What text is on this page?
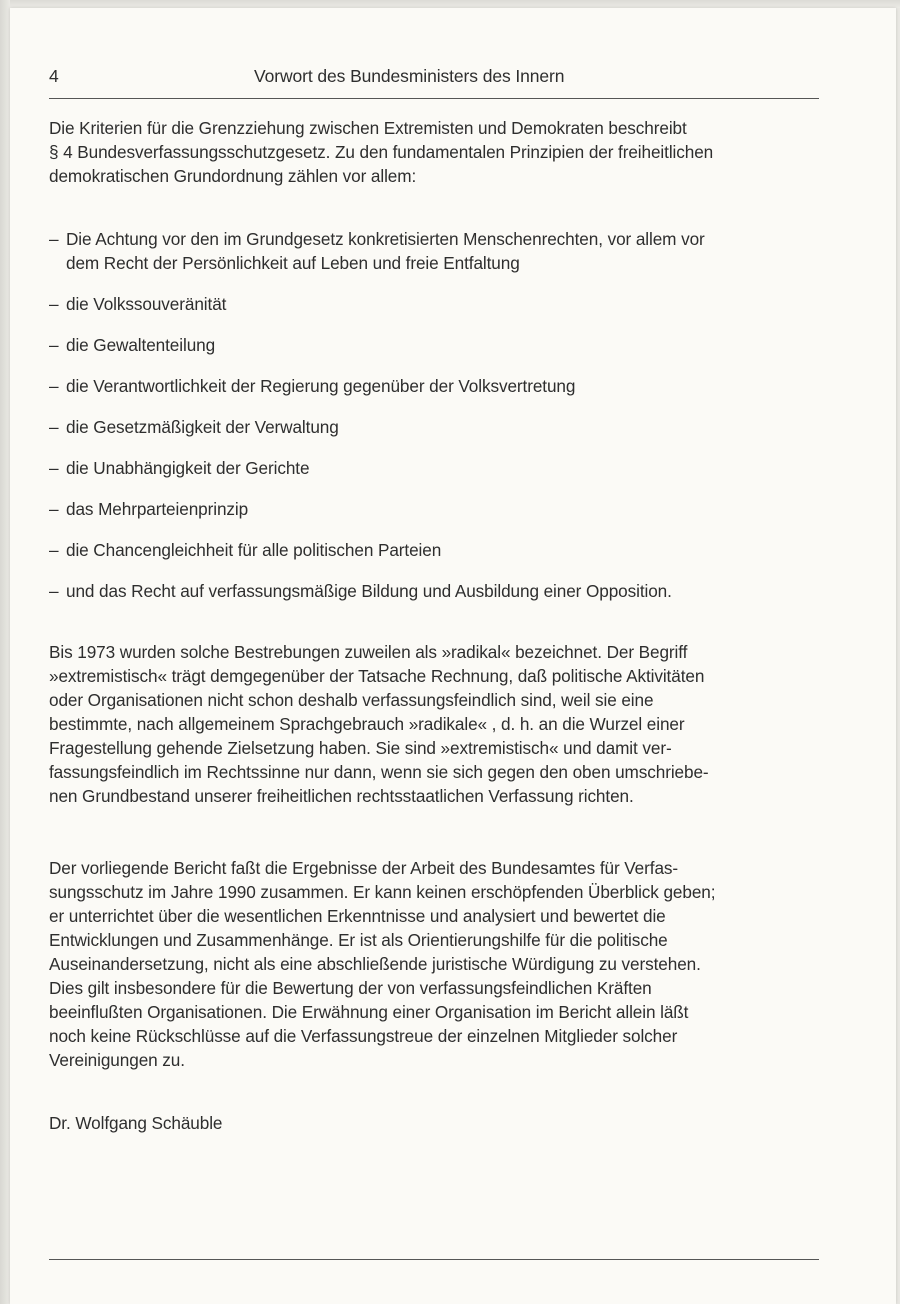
4	Vorwort des Bundesministers des Innern

Die Kriterien für die Grenzziehung zwischen Extremisten und Demokraten beschreibt
§ 4 Bundesverfassungsschutzgesetz. Zu den fundamentalen Prinzipien der freiheitlichen
demokratischen Grundordnung zählen vor allem:

– Die Achtung vor den im Grundgesetz konkretisierten Menschenrechten, vor allem vor
dem Recht der Persönlichkeit auf Leben und freie Entfaltung
– die Volkssouveränität
– die Gewaltenteilung
– die Verantwortlichkeit der Regierung gegenüber der Volksvertretung
– die Gesetzmäßigkeit der Verwaltung
– die Unabhängigkeit der Gerichte
– das Mehrparteienprinzip
– die Chancengleichheit für alle politischen Parteien
– und das Recht auf verfassungsmäßige Bildung und Ausbildung einer Opposition.

Bis 1973 wurden solche Bestrebungen zuweilen als »radikal« bezeichnet. Der Begriff
»extremistisch« trägt demgegenüber der Tatsache Rechnung, daß politische Aktivitäten
oder Organisationen nicht schon deshalb verfassungsfeindlich sind, weil sie eine
bestimmte, nach allgemeinem Sprachgebrauch »radikale« , d. h. an die Wurzel einer
Fragestellung gehende Zielsetzung haben. Sie sind »extremistisch« und damit ver-
fassungsfeindlich im Rechtssinne nur dann, wenn sie sich gegen den oben umschriebe-
nen Grundbestand unserer freiheitlichen rechtsstaatlichen Verfassung richten.

Der vorliegende Bericht faßt die Ergebnisse der Arbeit des Bundesamtes für Verfas-
sungsschutz im Jahre 1990 zusammen. Er kann keinen erschöpfenden Überblick geben;
er unterrichtet über die wesentlichen Erkenntnisse und analysiert und bewertet die
Entwicklungen und Zusammenhänge. Er ist als Orientierungshilfe für die politische
Auseinandersetzung, nicht als eine abschließende juristische Würdigung zu verstehen.
Dies gilt insbesondere für die Bewertung der von verfassungsfeindlichen Kräften
beeinflußten Organisationen. Die Erwähnung einer Organisation im Bericht allein läßt
noch keine Rückschlüsse auf die Verfassungstreue der einzelnen Mitglieder solcher
Vereinigungen zu.

Dr. Wolfgang Schäuble
